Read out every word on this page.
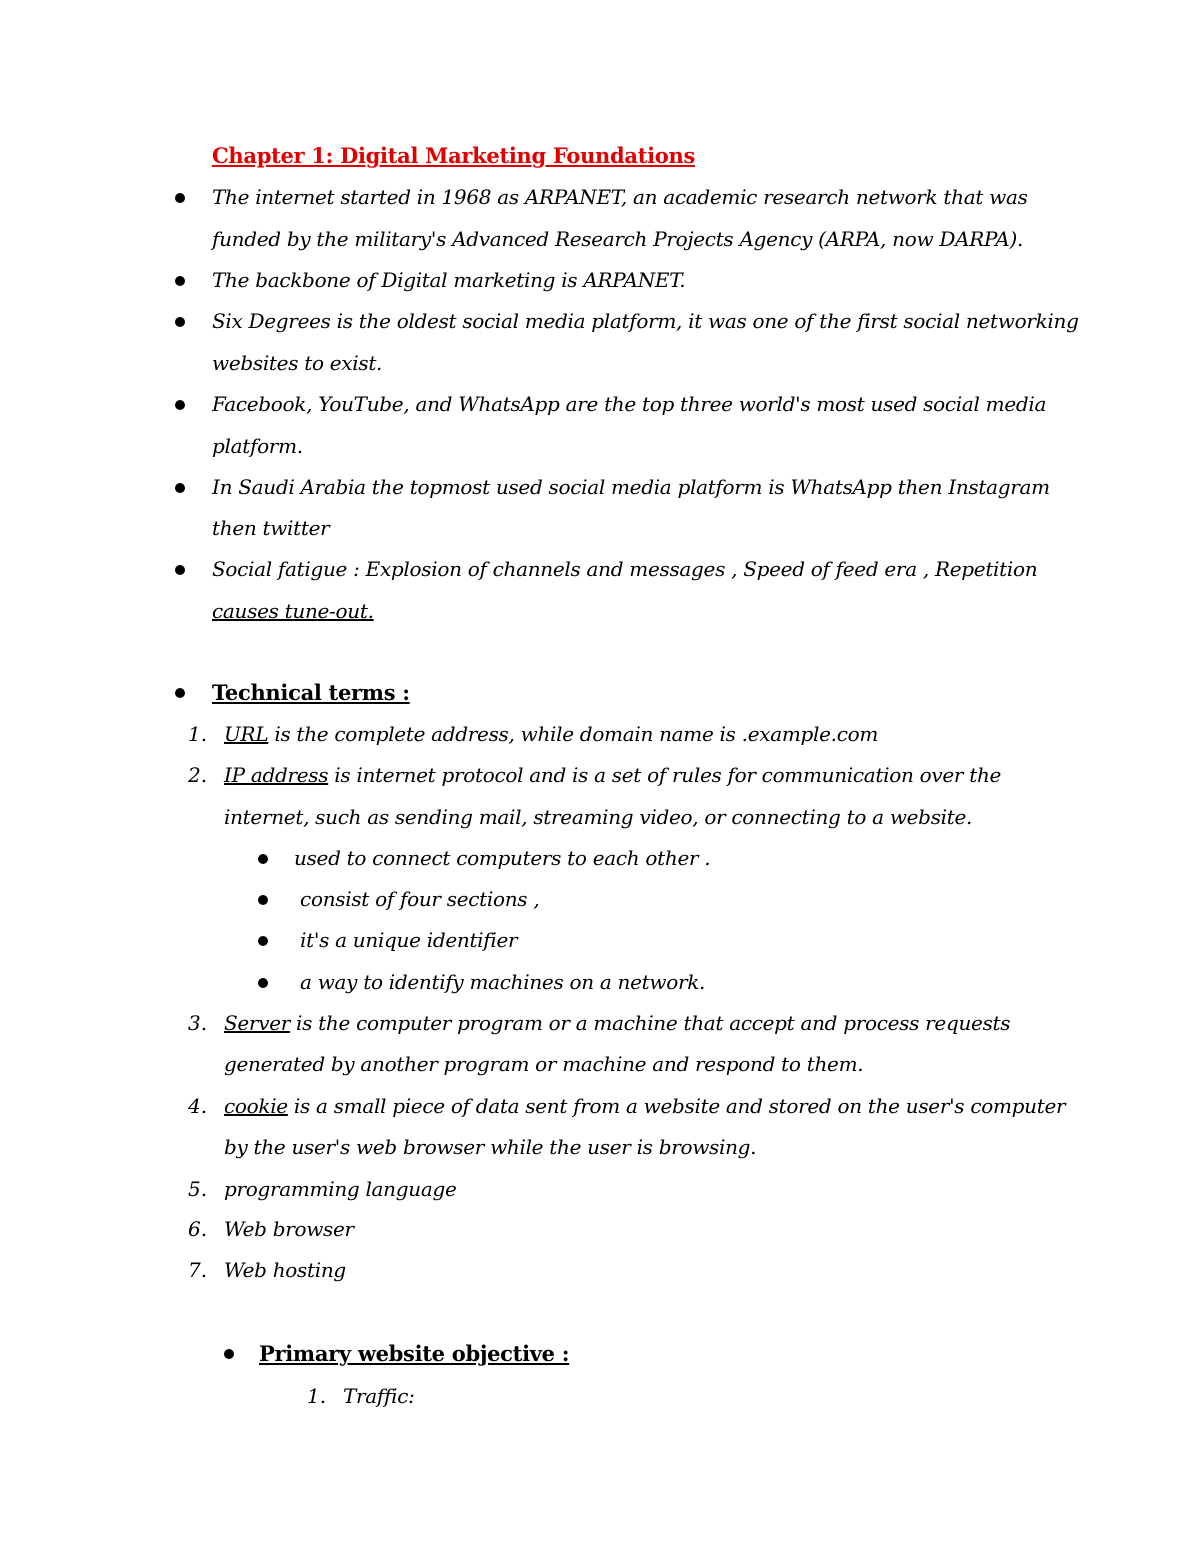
Chapter 1: Digital Marketing Foundations
The internet started in 1968 as ARPANET, an academic research network that was
funded by the military's Advanced Research Projects Agency (ARPA, now DARPA).
The backbone of Digital marketing is ARPANET.
Six Degrees is the oldest social media platform, it was one of the first social networking
websites to exist.
Facebook, YouTube, and WhatsApp are the top three world's most used social media
platform.
In Saudi Arabia the topmost used social media platform is WhatsApp then Instagram
then twitter
Social fatigue : Explosion of channels and messages , Speed of feed era , Repetition
causes tune-out.
Technical terms :
1. URL is the complete address, while domain name is .example.com
2. IP address is internet protocol and is a set of rules for communication over the
internet, such as sending mail, streaming video, or connecting to a website.
used to connect computers to each other .
consist of four sections ,
it's a unique identifier
a way to identify machines on a network.
3. Server is the computer program or a machine that accept and process requests
generated by another program or machine and respond to them.
4. cookie is a small piece of data sent from a website and stored on the user's computer
by the user's web browser while the user is browsing.
5. programming language
6. Web browser
7. Web hosting
Primary website objective :
1. Traffic:
